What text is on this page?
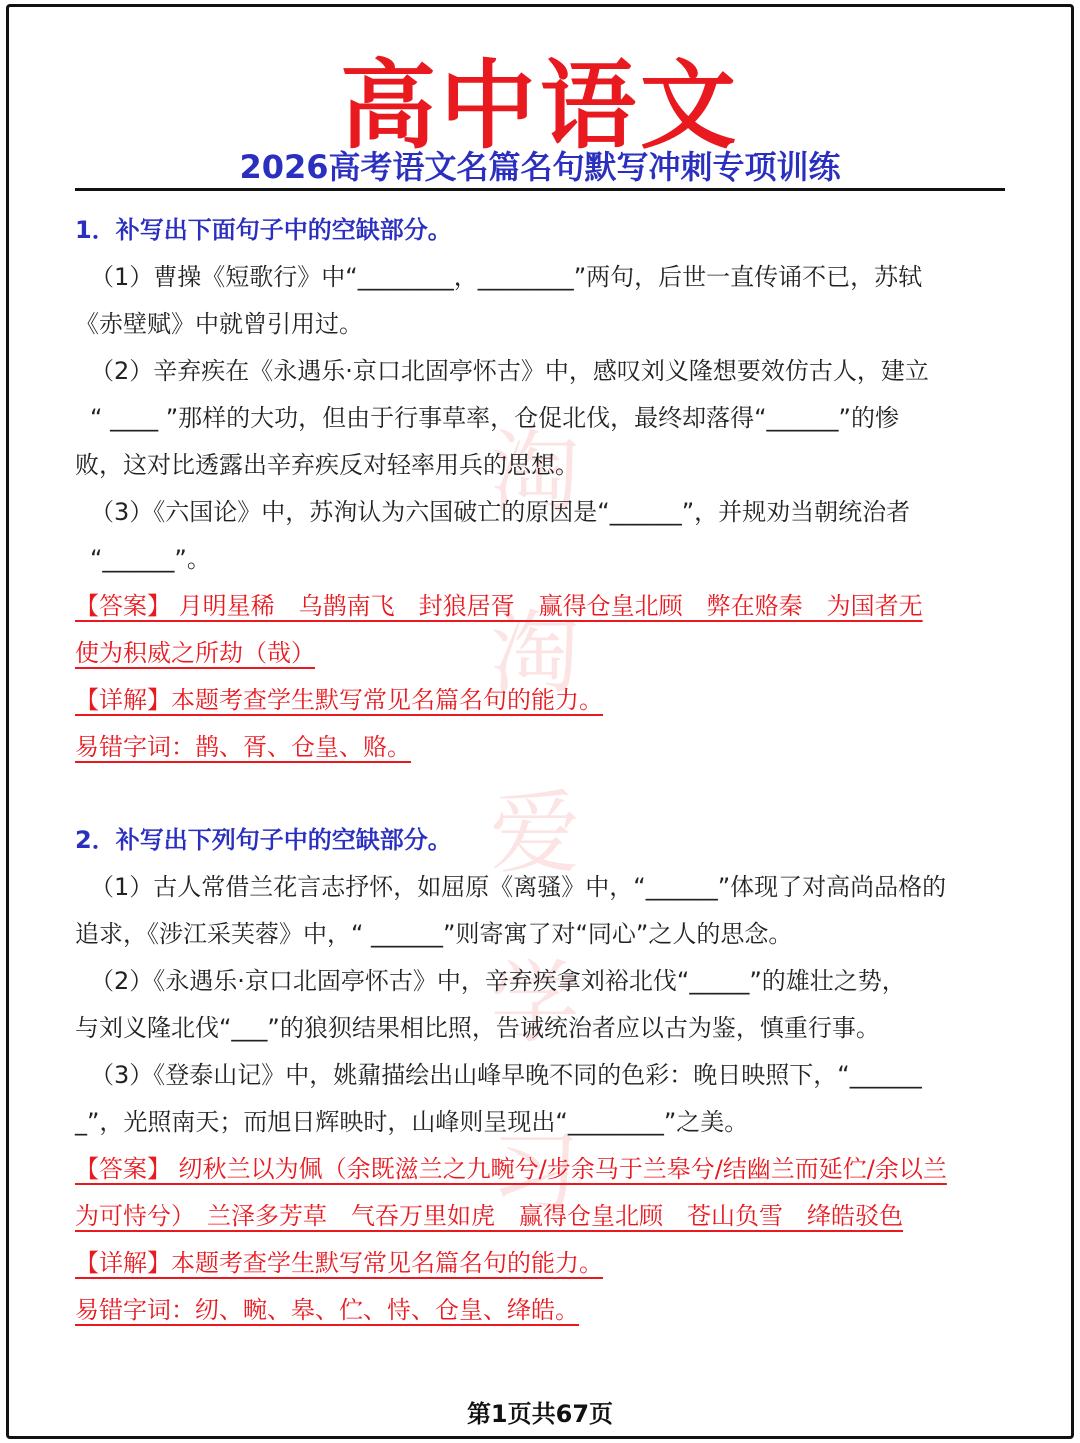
淘
淘
爱
学
习
高中语文
2026高考语文名篇名句默写冲刺专项训练
1．补写出下面句子中的空缺部分。
（1）曹操《短歌行》中“________，________”两句，后世一直传诵不已，苏轼
《赤壁赋》中就曾引用过。
（2）辛弃疾在《永遇乐·京口北固亭怀古》中，感叹刘义隆想要效仿古人，建立
“ ____ ”那样的大功，但由于行事草率，仓促北伐，最终却落得“______”的惨
败，这对比透露出辛弃疾反对轻率用兵的思想。
（3）《六国论》中，苏洵认为六国破亡的原因是“______”，并规劝当朝统治者
“______”。
【答案】 月明星稀　乌鹊南飞　封狼居胥　赢得仓皇北顾　弊在赂秦　为国者无
使为积威之所劫（哉）
【详解】本题考查学生默写常见名篇名句的能力。
易错字词：鹊、胥、仓皇、赂。
2．补写出下列句子中的空缺部分。
（1）古人常借兰花言志抒怀，如屈原《离骚》中，“______”体现了对高尚品格的
追求，《涉江采芙蓉》中，“ ______”则寄寓了对“同心”之人的思念。
（2）《永遇乐·京口北固亭怀古》中，辛弃疾拿刘裕北伐“_____”的雄壮之势，
与刘义隆北伐“___”的狼狈结果相比照，告诫统治者应以古为鉴，慎重行事。
（3）《登泰山记》中，姚鼐描绘出山峰早晚不同的色彩：晚日映照下，“______
_”，光照南天；而旭日辉映时，山峰则呈现出“________”之美。
【答案】 纫秋兰以为佩（余既滋兰之九畹兮/步余马于兰皋兮/结幽兰而延伫/余以兰
为可恃兮）　兰泽多芳草　气吞万里如虎　赢得仓皇北顾　苍山负雪　绛皓驳色
【详解】本题考查学生默写常见名篇名句的能力。
易错字词：纫、畹、皋、伫、恃、仓皇、绛皓。
第1页共67页
